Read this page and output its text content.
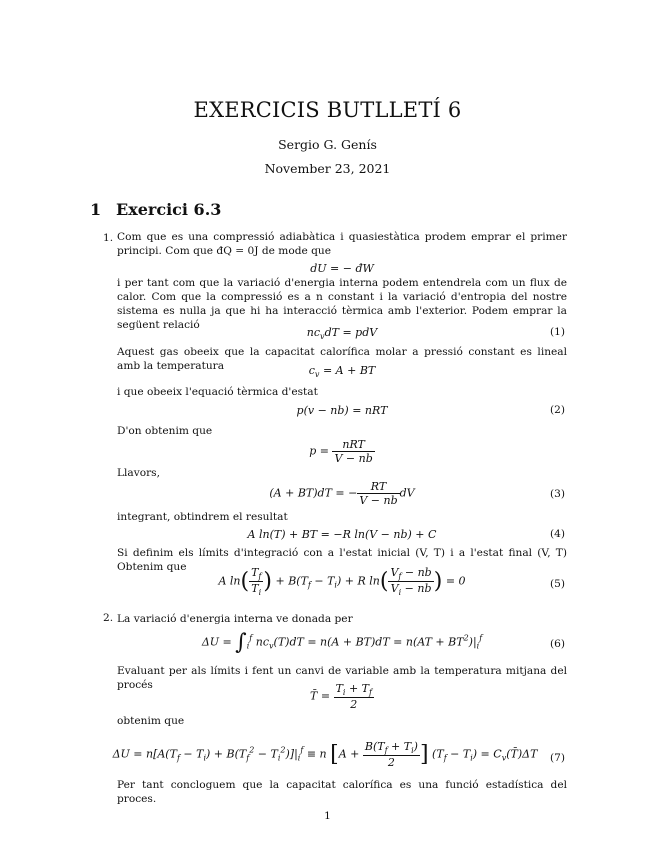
EXERCICIS BUTLLETÍ 6
Sergio G. Genís
November 23, 2021
1 Exercici 6.3
1. Com que es una compressió adiabàtica i quasiestàtica prodem emprar el primer principi. Com que đQ = 0J de mode que
dU = − đW
i per tant com que la variació d'energia interna podem entendrela com un flux de calor. Com que la compressió es a n constant i la variació d'entropia del nostre sistema es nulla ja que hi ha interacció tèrmica amb l'exterior. Podem emprar la següent relació
$nc_vdT$ = pdV	(1)
Aquest gas obeeix que la capacitat calorífica molar a pressió constant es lineal amb la temperatura	$c_v = A$ + BT
i que obeeix l'equació tèrmica d'estat
p(v − nb) = nRT	(2)
D'on obtenim que
$p = \frac{\text{nRT}}{V - nb}$
Llavors,
(A + BT)dT = − $\frac{RT}{V - nb}$ dV	(3)
integrant, obtindrem el resultat
A ln(T) + BT = −R ln(V − nb) + C	(4)
Si definim els límits d'integració con a l'estat inicial (V, T) i a l'estat final (V, T) Obtenim que
A $\ln( \frac{T_f}{T_i}$ ) + $B(T_f - T_i) + R$ $\ln( \frac{V_f - nb}{V_i - nb}$ ) = 0	(5)
2. La variació d'energia interna ve donada per
$\Delta U = \int_i^f$ $nc_v(T)dT = n(A + BT)dT = n(AT + BT^2)|_i^f$	(6)
Evaluant per als límits i fent un canvi de variable amb la temperatura mitjana del procés
T̄ = $\frac{T_i + T_f}{2}$
obtenim que
$\Delta U = n[A(T_f - T_i) + B(T_f^2 - T_i^2)]|_i^f \equiv n$ [$A + \frac{B(T_f + T_i)}{2}$ ] $(T_f - T_i)$ = $C_v(T̄)\Delta T$	(7)
Per tant concloguem que la capacitat calorífica es una funció estadística del proces.
1
